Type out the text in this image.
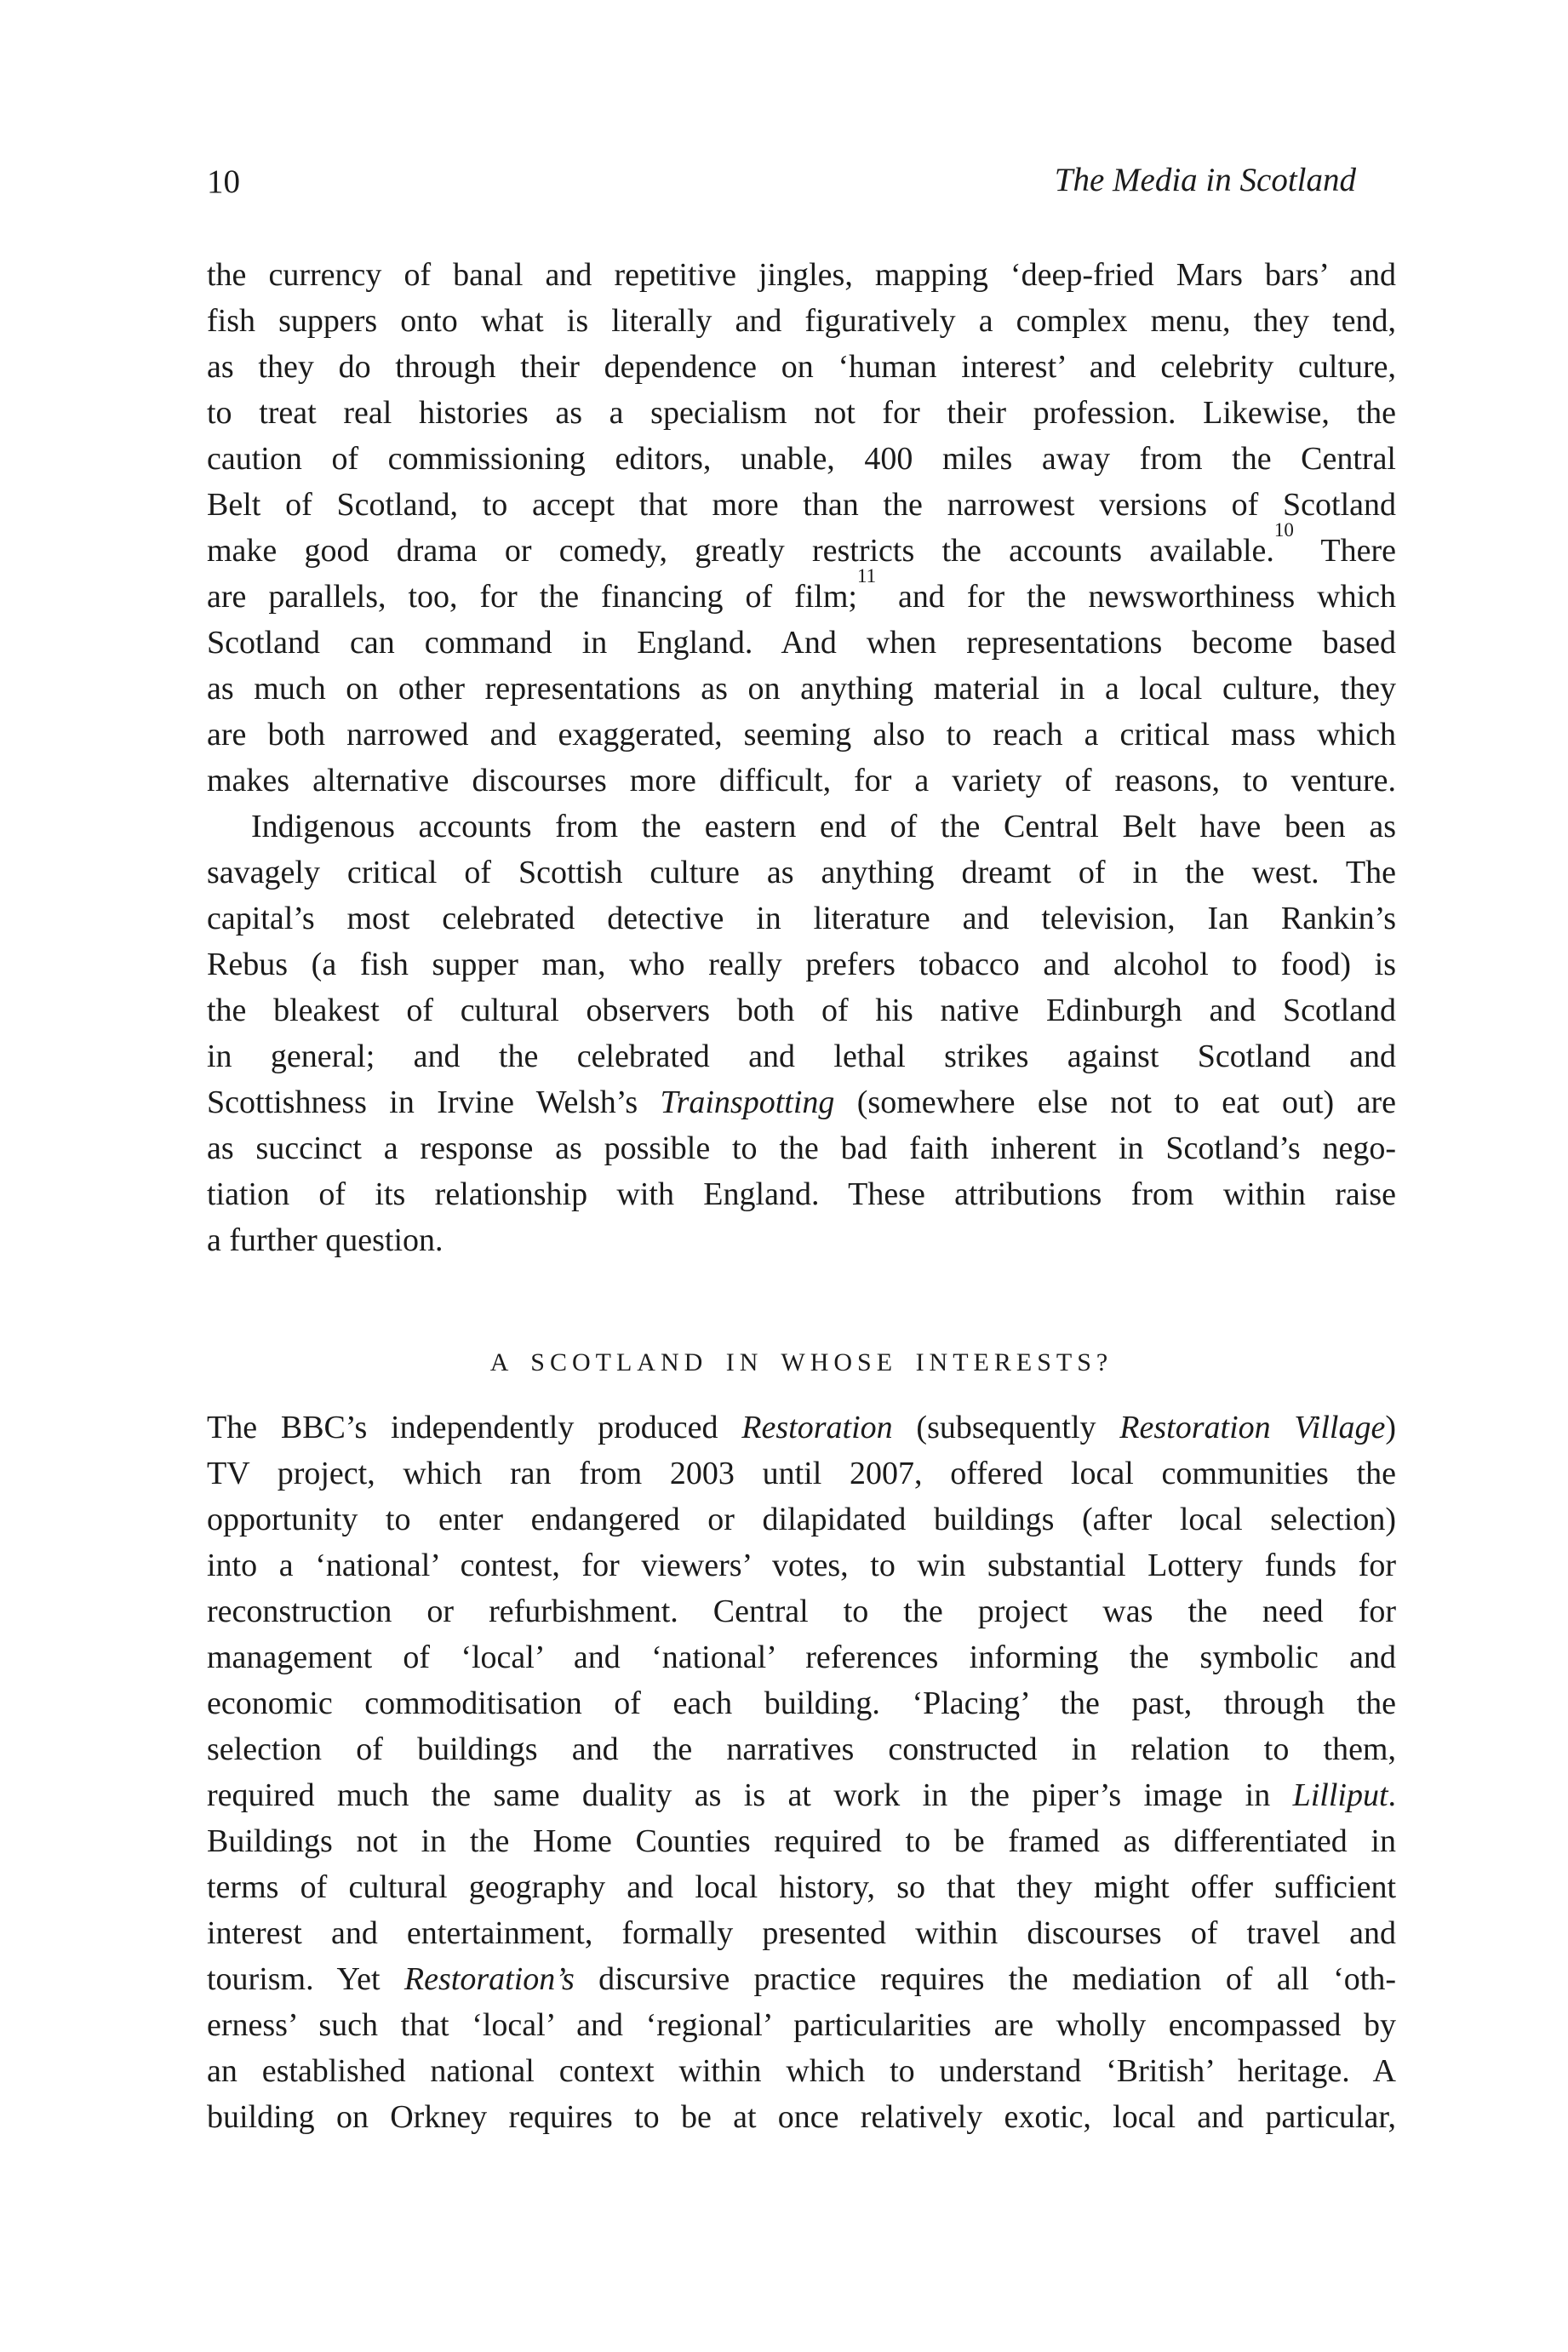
10	The Media in Scotland
the currency of banal and repetitive jingles, mapping ‘deep-fried Mars bars’ and
fish suppers onto what is literally and figuratively a complex menu, they tend,
as they do through their dependence on ‘human interest’ and celebrity culture,
to treat real histories as a specialism not for their profession. Likewise, the
caution of commissioning editors, unable, 400 miles away from the Central
Belt of Scotland, to accept that more than the narrowest versions of Scotland
make good drama or comedy, greatly restricts the accounts available.$^{10}$ There
are parallels, too, for the financing of film;$^{11}$ and for the newsworthiness which
Scotland can command in England. And when representations become based
as much on other representations as on anything material in a local culture, they
are both narrowed and exaggerated, seeming also to reach a critical mass which
makes alternative discourses more difficult, for a variety of reasons, to venture.
Indigenous accounts from the eastern end of the Central Belt have been as
savagely critical of Scottish culture as anything dreamt of in the west. The
capital’s most celebrated detective in literature and television, Ian Rankin’s
Rebus (a fish supper man, who really prefers tobacco and alcohol to food) is
the bleakest of cultural observers both of his native Edinburgh and Scotland
in general; and the celebrated and lethal strikes against Scotland and
Scottishness in Irvine Welsh’s Trainspotting (somewhere else not to eat out) are
as succinct a response as possible to the bad faith inherent in Scotland’s nego-
tiation of its relationship with England. These attributions from within raise
a further question.
A SCOTLAND IN WHOSE INTERESTS?
The BBC’s independently produced Restoration (subsequently Restoration Village)
TV project, which ran from 2003 until 2007, offered local communities the
opportunity to enter endangered or dilapidated buildings (after local selection)
into a ‘national’ contest, for viewers’ votes, to win substantial Lottery funds for
reconstruction or refurbishment. Central to the project was the need for
management of ‘local’ and ‘national’ references informing the symbolic and
economic commoditisation of each building. ‘Placing’ the past, through the
selection of buildings and the narratives constructed in relation to them,
required much the same duality as is at work in the piper’s image in Lilliput.
Buildings not in the Home Counties required to be framed as differentiated in
terms of cultural geography and local history, so that they might offer sufficient
interest and entertainment, formally presented within discourses of travel and
tourism. Yet Restoration’s discursive practice requires the mediation of all ‘oth-
erness’ such that ‘local’ and ‘regional’ particularities are wholly encompassed by
an established national context within which to understand ‘British’ heritage. A
building on Orkney requires to be at once relatively exotic, local and particular,
